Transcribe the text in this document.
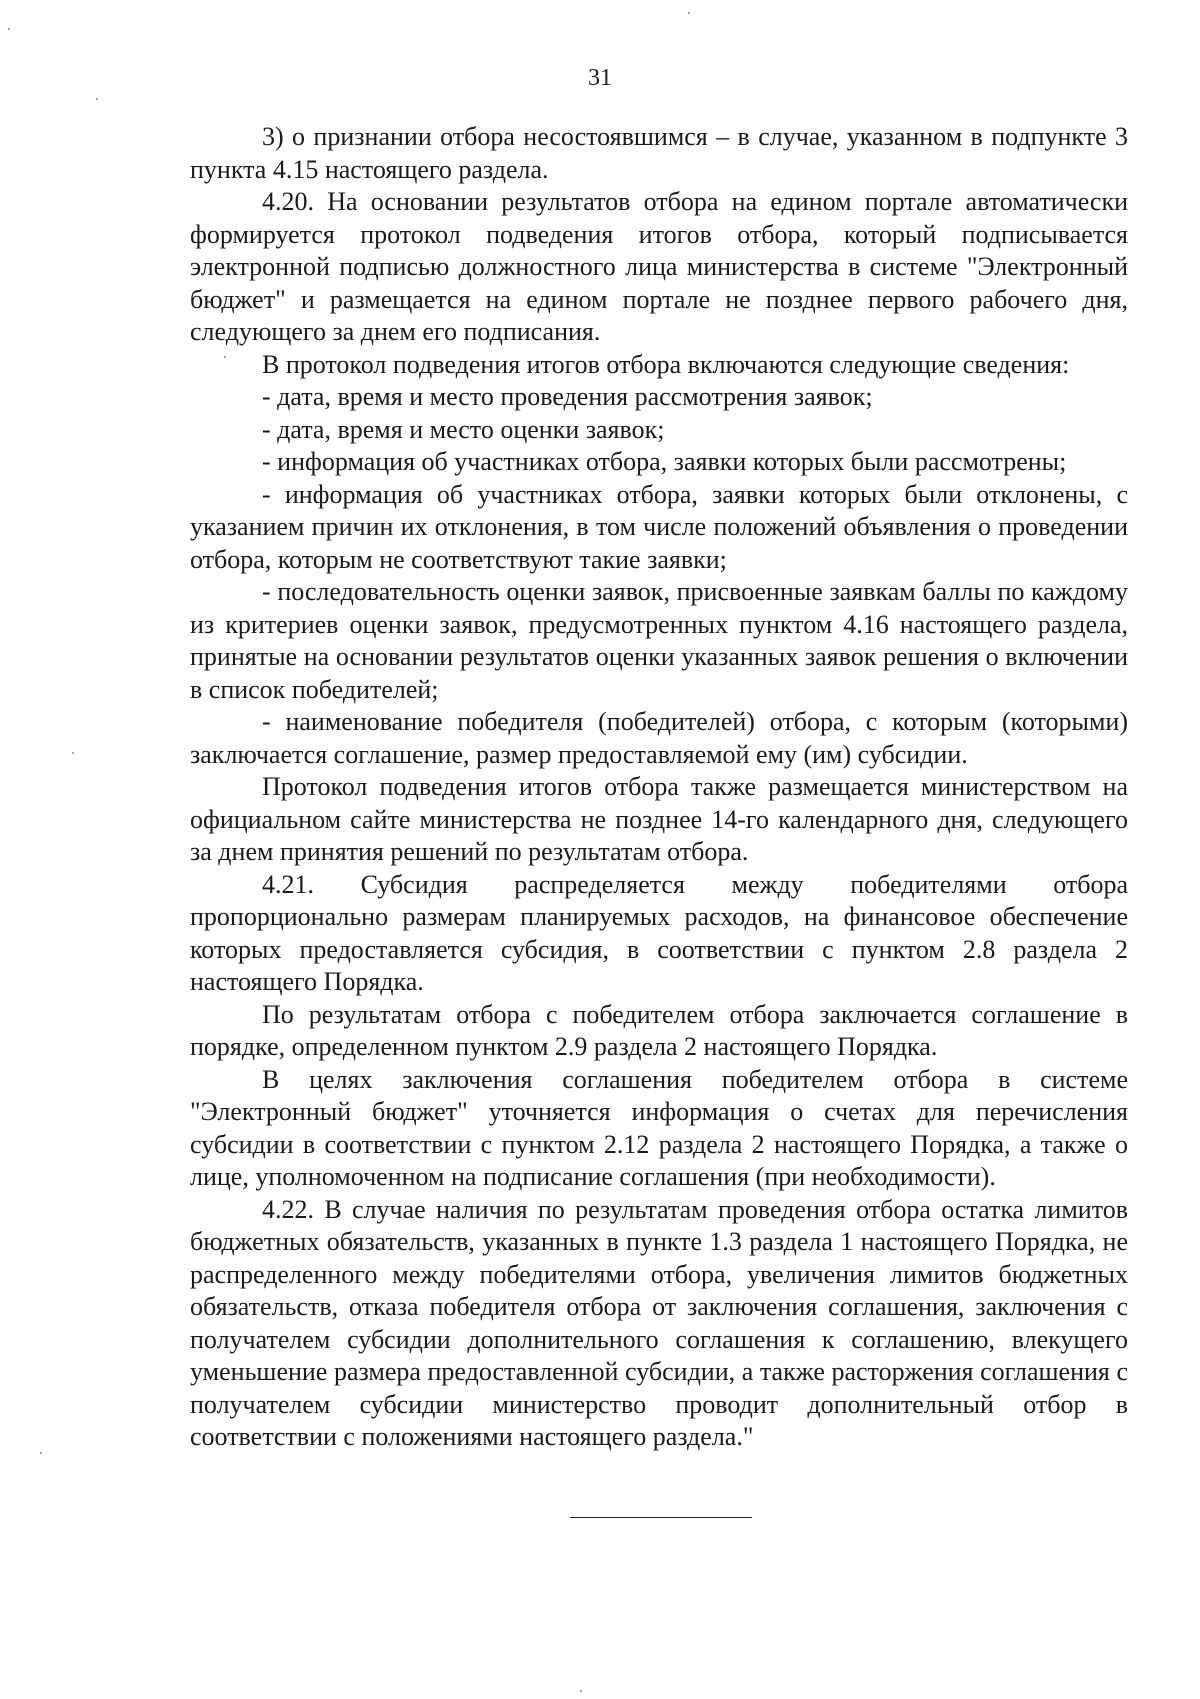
31

3) о признании отбора несостоявшимся – в случае, указанном в подпункте 3 пункта 4.15 настоящего раздела.

4.20. На основании результатов отбора на едином портале автоматически формируется протокол подведения итогов отбора, который подписывается электронной подписью должностного лица министерства в системе "Электронный бюджет" и размещается на едином портале не позднее первого рабочего дня, следующего за днем его подписания.

В протокол подведения итогов отбора включаются следующие сведения:

- дата, время и место проведения рассмотрения заявок;

- дата, время и место оценки заявок;

- информация об участниках отбора, заявки которых были рассмотрены;

- информация об участниках отбора, заявки которых были отклонены, с указанием причин их отклонения, в том числе положений объявления о проведении отбора, которым не соответствуют такие заявки;

- последовательность оценки заявок, присвоенные заявкам баллы по каждому из критериев оценки заявок, предусмотренных пунктом 4.16 настоящего раздела, принятые на основании результатов оценки указанных заявок решения о включении в список победителей;

- наименование победителя (победителей) отбора, с которым (которыми) заключается соглашение, размер предоставляемой ему (им) субсидии.

Протокол подведения итогов отбора также размещается министерством на официальном сайте министерства не позднее 14-го календарного дня, следующего за днем принятия решений по результатам отбора.

4.21. Субсидия распределяется между победителями отбора пропорционально размерам планируемых расходов, на финансовое обеспечение которых предоставляется субсидия, в соответствии с пунктом 2.8 раздела 2 настоящего Порядка.

По результатам отбора с победителем отбора заключается соглашение в порядке, определенном пунктом 2.9 раздела 2 настоящего Порядка.

В целях заключения соглашения победителем отбора в системе "Электронный бюджет" уточняется информация о счетах для перечисления субсидии в соответствии с пунктом 2.12 раздела 2 настоящего Порядка, а также о лице, уполномоченном на подписание соглашения (при необходимости).

4.22. В случае наличия по результатам проведения отбора остатка лимитов бюджетных обязательств, указанных в пункте 1.3 раздела 1 настоящего Порядка, не распределенного между победителями отбора, увеличения лимитов бюджетных обязательств, отказа победителя отбора от заключения соглашения, заключения с получателем субсидии дополнительного соглашения к соглашению, влекущего уменьшение размера предоставленной субсидии, а также расторжения соглашения с получателем субсидии министерство проводит дополнительный отбор в соответствии с положениями настоящего раздела."
